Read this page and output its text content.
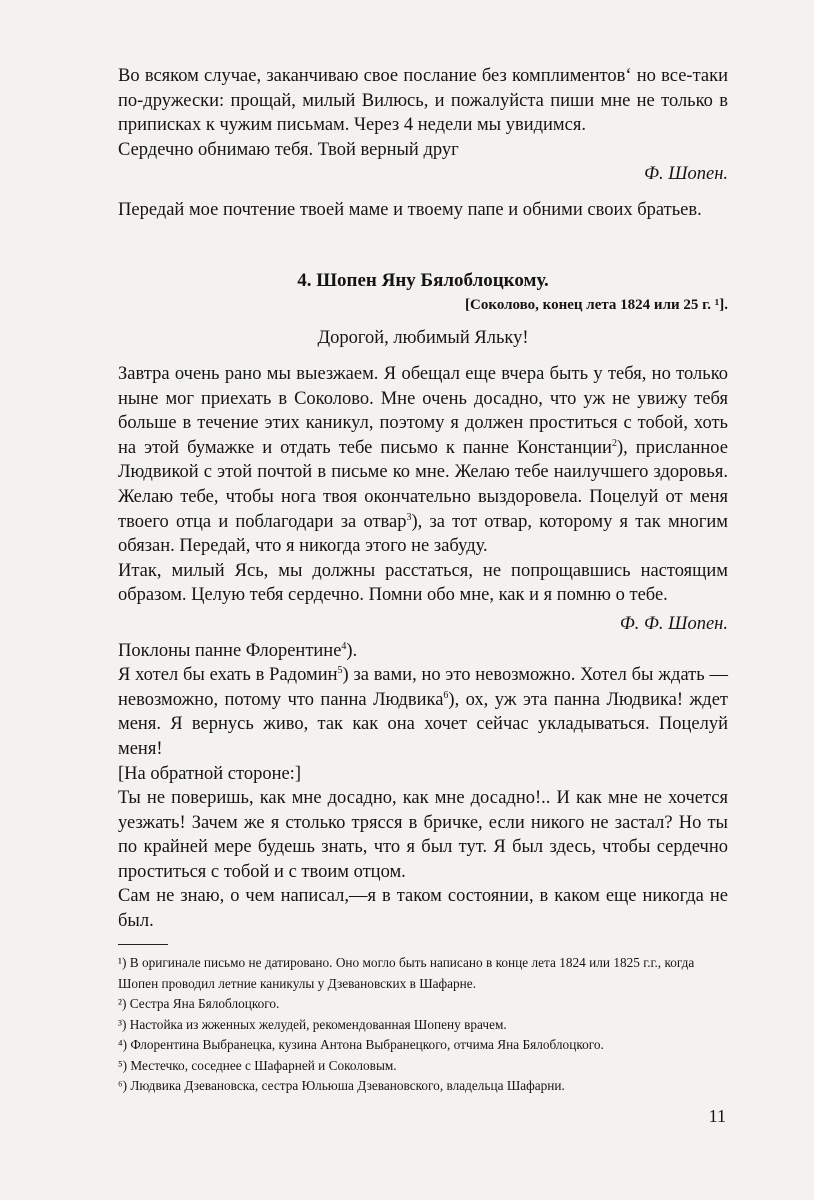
Во всяком случае, заканчиваю свое послание без комплиментов‘ но все-таки по-дружески: прощай, милый Вилюсь, и пожалуйста пиши мне не только в приписках к чужим письмам. Через 4 недели мы увидимся.

Сердечно обнимаю тебя. Твой верный друг

Ф. Шопен.

Передай мое почтение твоей маме и твоему папе и обними своих братьев.

4. Шопен Яну Бялоблоцкому.

[Соколово, конец лета 1824 или 25 г. ¹].

Дорогой, любимый Яльку!

Завтра очень рано мы выезжаем. Я обещал еще вчера быть у тебя, но только ныне мог приехать в Соколово. Мне очень досадно, что уж не увижу тебя больше в течение этих каникул, поэтому я должен проститься с тобой, хоть на этой бумажке и отдать тебе письмо к панне Констанции$^2$), присланное Людвикой с этой почтой в письме ко мне. Желаю тебе наилучшего здоровья. Желаю тебе, чтобы нога твоя окончательно выздоровела. Поцелуй от меня твоего отца и поблагодари за отвар$^3$), за тот отвар, которому я так многим обязан. Передай, что я никогда этого не забуду.

Итак, милый Ясь, мы должны расстаться, не попрощавшись настоящим образом. Целую тебя сердечно. Помни обо мне, как и я помню о тебе.

Ф. Ф. Шопен.

Поклоны панне Флорентине$^4$).

Я хотел бы ехать в Радомин$^5$) за вами, но это невозможно. Хотел бы ждать — невозможно, потому что панна Людвика$^6$), ох, уж эта панна Людвика! ждет меня. Я вернусь живо, так как она хочет сейчас укладываться. Поцелуй меня!

[На обратной стороне:]

Ты не поверишь, как мне досадно, как мне досадно!.. И как мне не хочется уезжать! Зачем же я столько трясся в бричке, если никого не застал? Но ты по крайней мере будешь знать, что я был тут. Я был здесь, чтобы сердечно проститься с тобой и с твоим отцом.

Сам не знаю, о чем написал,—я в таком состоянии, в каком еще никогда не был.

¹) В оригинале письмо не датировано. Оно могло быть написано в конце лета 1824 или 1825 г.г., когда Шопен проводил летние каникулы у Дзевановских в Шафарне.

²) Сестра Яна Бялоблоцкого.

³) Настойка из жженных желудей, рекомендованная Шопену врачем.

⁴) Флорентина Выбранецка, кузина Антона Выбранецкого, отчима Яна Бялоблоцкого.

⁵) Местечко, соседнее с Шафарней и Соколовым.

⁶) Людвика Дзевановска, сестра Юльюша Дзевановского, владельца Шафарни.

11
